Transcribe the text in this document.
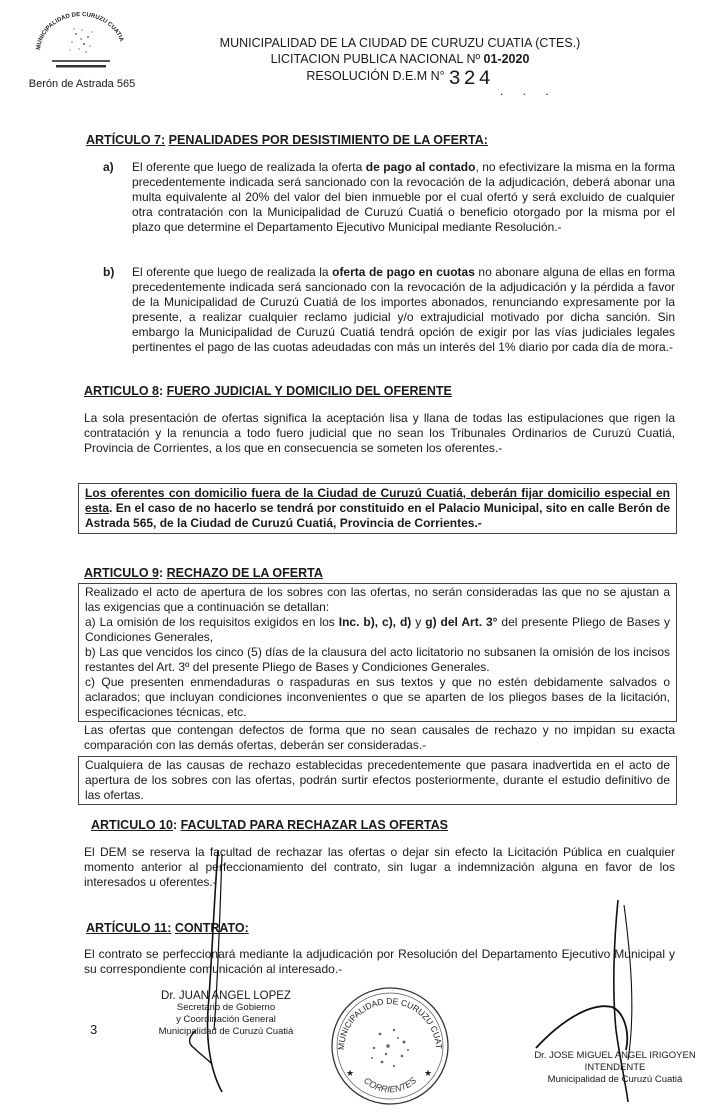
MUNICIPALIDAD DE CURUZU CUATIA
Berón de Astrada 565
MUNICIPALIDAD DE LA CIUDAD DE CURUZU CUATIA (CTES.)
LICITACION PUBLICA NACIONAL Nº 01-2020
RESOLUCIÓN D.E.M N° 324 . . .
ARTÍCULO 7: PENALIDADES POR DESISTIMIENTO DE LA OFERTA:
a) El oferente que luego de realizada la oferta de pago al contado, no efectivizare la misma en la forma precedentemente indicada será sancionado con la revocación de la adjudicación, deberá abonar una multa equivalente al 20% del valor del bien inmueble por el cual ofertó y será excluido de cualquier otra contratación con la Municipalidad de Curuzú Cuatiá o beneficio otorgado por la misma por el plazo que determine el Departamento Ejecutivo Municipal mediante Resolución.-
b) El oferente que luego de realizada la oferta de pago en cuotas no abonare alguna de ellas en forma precedentemente indicada será sancionado con la revocación de la adjudicación y la pérdida a favor de la Municipalidad de Curuzú Cuatiá de los importes abonados, renunciando expresamente por la presente, a realizar cualquier reclamo judicial y/o extrajudicial motivado por dicha sanción. Sin embargo la Municipalidad de Curuzú Cuatiá tendrá opción de exigir por las vías judiciales legales pertinentes el pago de las cuotas adeudadas con más un interés del 1% diario por cada día de mora.-
ARTICULO 8: FUERO JUDICIAL Y DOMICILIO DEL OFERENTE
La sola presentación de ofertas significa la aceptación lisa y llana de todas las estipulaciones que rigen la contratación y la renuncia a todo fuero judicial que no sean los Tribunales Ordinarios de Curuzú Cuatiá, Provincia de Corrientes, a los que en consecuencia se someten los oferentes.-
Los oferentes con domicilio fuera de la Ciudad de Curuzú Cuatiá, deberán fijar domicilio especial en esta. En el caso de no hacerlo se tendrá por constituido en el Palacio Municipal, sito en calle Berón de Astrada 565, de la Ciudad de Curuzú Cuatiá, Provincia de Corrientes.-
ARTICULO 9: RECHAZO DE LA OFERTA
Realizado el acto de apertura de los sobres con las ofertas, no serán consideradas las que no se ajustan a las exigencias que a continuación se detallan:
a) La omisión de los requisitos exigidos en los Inc. b), c), d) y g) del Art. 3° del presente Pliego de Bases y Condiciones Generales,
b) Las que vencidos los cinco (5) días de la clausura del acto licitatorio no subsanen la omisión de los incisos restantes del Art. 3º del presente Pliego de Bases y Condiciones Generales.
c) Que presenten enmendaduras o raspaduras en sus textos y que no estén debidamente salvados o aclarados; que incluyan condiciones inconvenientes o que se aparten de los pliegos bases de la licitación, especificaciones técnicas, etc.
Las ofertas que contengan defectos de forma que no sean causales de rechazo y no impidan su exacta comparación con las demás ofertas, deberán ser consideradas.-
Cualquiera de las causas de rechazo establecidas precedentemente que pasara inadvertida en el acto de apertura de los sobres con las ofertas, podrán surtir efectos posteriormente, durante el estudio definitivo de las ofertas.
ARTICULO 10: FACULTAD PARA RECHAZAR LAS OFERTAS
El DEM se reserva la facultad de rechazar las ofertas o dejar sin efecto la Licitación Pública en cualquier momento anterior al perfeccionamiento del contrato, sin lugar a indemnización alguna en favor de los interesados u oferentes.-
ARTÍCULO 11: CONTRATO:
El contrato se perfeccionará mediante la adjudicación por Resolución del Departamento Ejecutivo Municipal y su correspondiente comunicación al interesado.-
3
Dr. JUAN ANGEL LOPEZ
Secretario de Gobierno
y Coordinación General
Municipalidad de Curuzú Cuatiá
MUNICIPALIDAD DE CURUZU CUAT
CORRIENTES
★	★
Dr. JOSE MIGUEL ANGEL IRIGOYEN
INTENDENTE
Municipalidad de Curuzú Cuatiá
